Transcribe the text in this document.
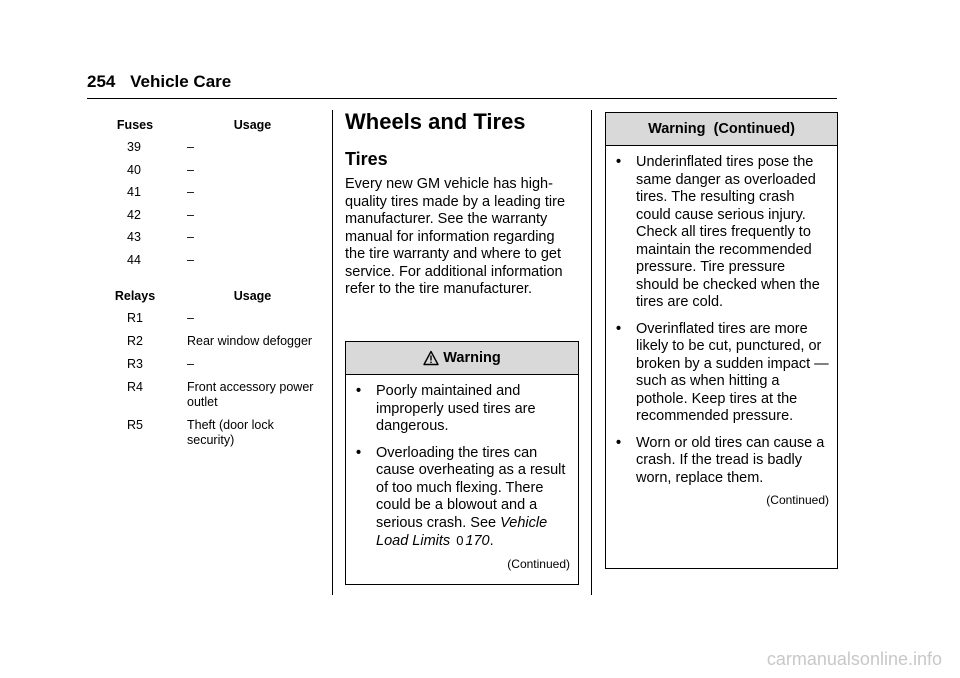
254 Vehicle Care
Fuses	Usage
39	–
40	–
41	–
42	–
43	–
44	–
Relays	Usage
R1	–
R2	Rear window defogger
R3	–
R4	Front accessory power outlet
R5	Theft (door lock security)
Wheels and Tires
Tires
Every new GM vehicle has high-quality tires made by a leading tire manufacturer. See the warranty manual for information regarding the tire warranty and where to get service. For additional information refer to the tire manufacturer.
Warning
•	Poorly maintained and improperly used tires are dangerous.
•	Overloading the tires can cause overheating as a result of too much flexing. There could be a blowout and a serious crash. See Vehicle Load Limits 0 170.
(Continued)
Warning  (Continued)
•	Underinflated tires pose the same danger as overloaded tires. The resulting crash could cause serious injury. Check all tires frequently to maintain the recommended pressure. Tire pressure should be checked when the tires are cold.
•	Overinflated tires are more likely to be cut, punctured, or broken by a sudden impact — such as when hitting a pothole. Keep tires at the recommended pressure.
•	Worn or old tires can cause a crash. If the tread is badly worn, replace them.
(Continued)
carmanualsonline.info
